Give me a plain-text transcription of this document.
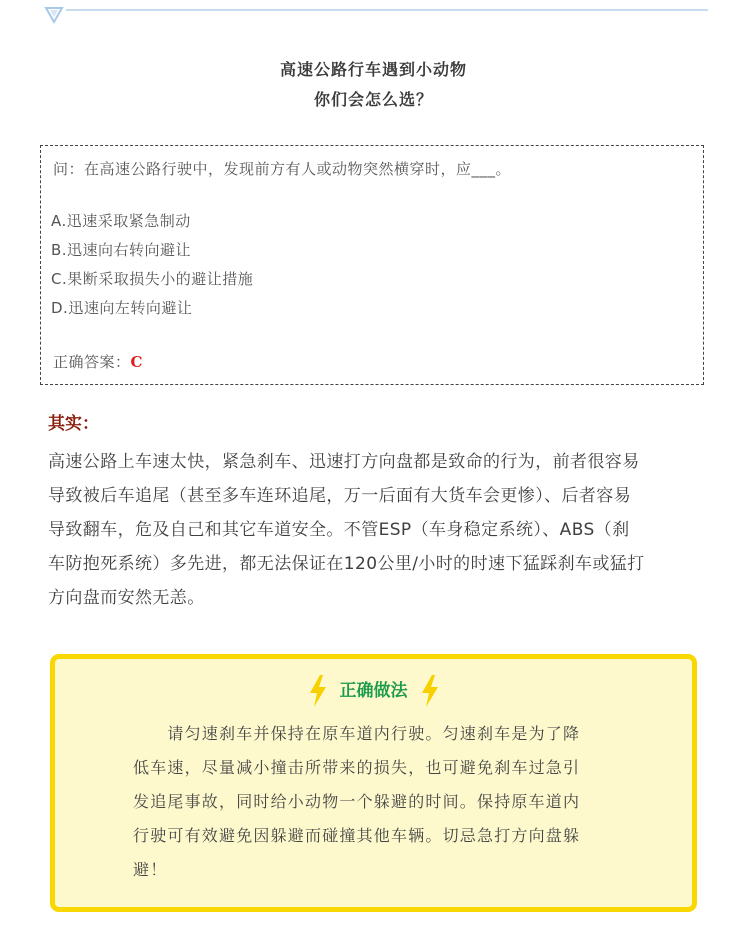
高速公路行车遇到小动物
你们会怎么选？
问：在高速公路行驶中，发现前方有人或动物突然横穿时，应___。
A.迅速采取紧急制动
B.迅速向右转向避让
C.果断采取损失小的避让措施
D.迅速向左转向避让
正确答案：C
其实：
高速公路上车速太快，紧急刹车、迅速打方向盘都是致命的行为，前者很容易
导致被后车追尾（甚至多车连环追尾，万一后面有大货车会更惨）、后者容易
导致翻车，危及自己和其它车道安全。不管ESP（车身稳定系统）、ABS（刹
车防抱死系统）多先进，都无法保证在120公里/小时的时速下猛踩刹车或猛打
方向盘而安然无恙。
正确做法
　　请匀速刹车并保持在原车道内行驶。匀速刹车是为了降
低车速，尽量减小撞击所带来的损失，也可避免刹车过急引
发追尾事故，同时给小动物一个躲避的时间。保持原车道内
行驶可有效避免因躲避而碰撞其他车辆。切忌急打方向盘躲
避！
